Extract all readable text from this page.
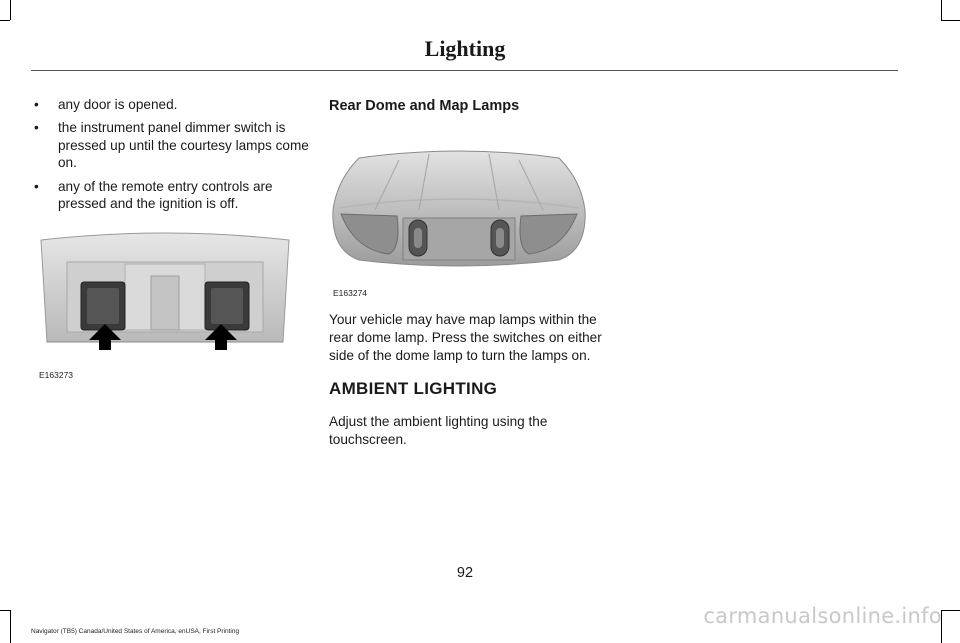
Lighting
• any door is opened.
• the instrument panel dimmer switch is pressed up until the courtesy lamps come on.
• any of the remote entry controls are pressed and the ignition is off.
E163273
Rear Dome and Map Lamps
E163274
Your vehicle may have map lamps within the rear dome lamp. Press the switches on either side of the dome lamp to turn the lamps on.
AMBIENT LIGHTING
Adjust the ambient lighting using the touchscreen.
92
Navigator (TB5) Canada/United States of America, enUSA, First Printing
carmanualsonline.info
